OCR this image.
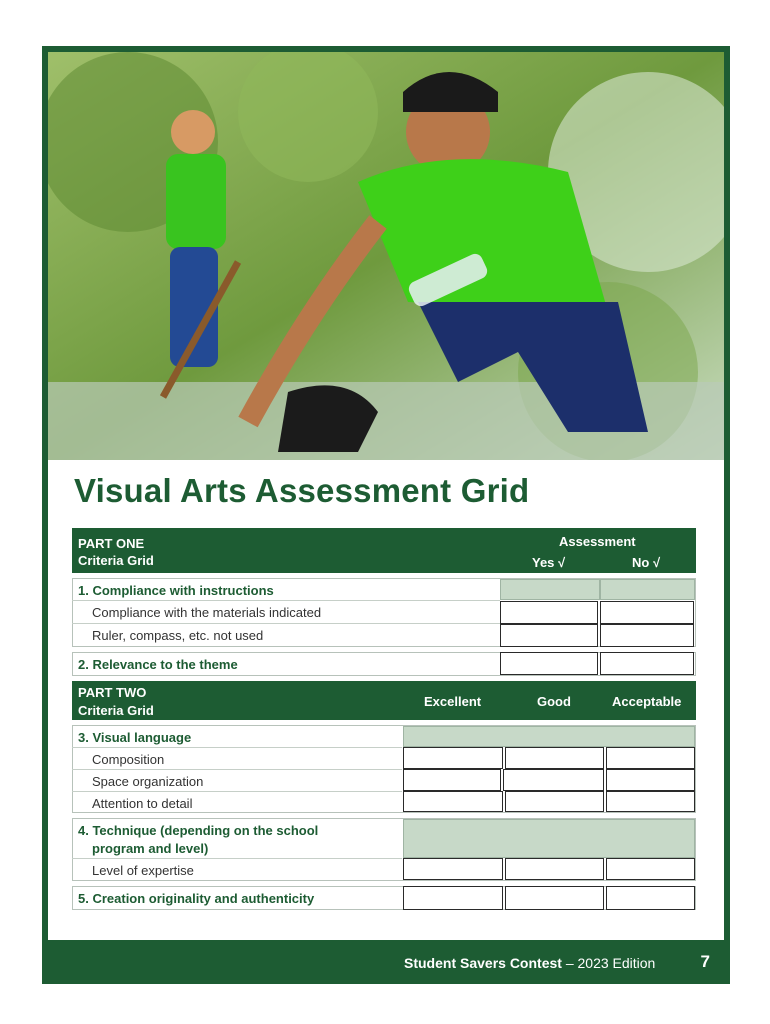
Visual Arts Assessment Grid
PART ONE
Criteria Grid
Assessment
Yes √	No √
1. Compliance with instructions
Compliance with the materials indicated
Ruler, compass, etc. not used
2. Relevance to the theme
PART TWO
Criteria Grid
Excellent	Good	Acceptable
3. Visual language
Composition
Space organization
Attention to detail
4. Technique (depending on the school
program and level)
Level of expertise
5. Creation originality and authenticity
Student Savers Contest – 2023 Edition	7
